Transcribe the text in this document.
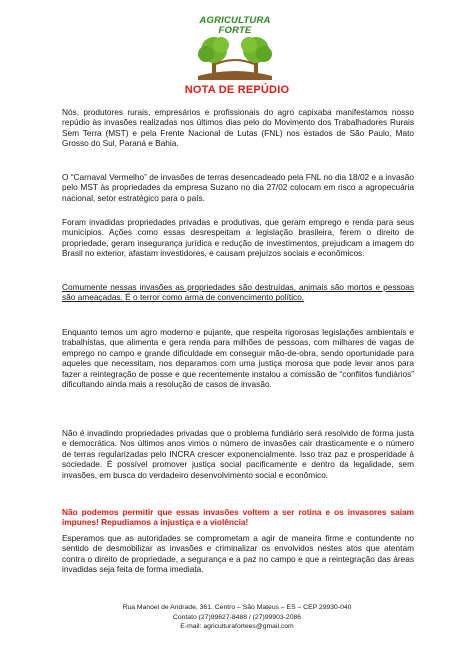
AGRICULTURA
FORTE
NOTA DE REPÚDIO

Nós, produtores rurais, empresários e profissionais do agro capixaba manifestamos nosso repúdio às invasões realizadas nos últimos dias pelo do Movimento dos Trabalhadores Rurais Sem Terra (MST) e pela Frente Nacional de Lutas (FNL) nos estados de São Paulo, Mato Grosso do Sul, Paraná e Bahia.

O “Carnaval Vermelho” de invasões de terras desencadeado pela FNL no dia 18/02 e a invasão pelo MST às propriedades da empresa Suzano no dia 27/02 colocam em risco a agropecuária nacional, setor estratégico para o país.

Foram invadidas propriedades privadas e produtivas, que geram emprego e renda para seus municípios. Ações como essas desrespeitam a legislação brasileira, ferem o direito de propriedade, geram insegurança jurídica e redução de investimentos, prejudicam a imagem do Brasil no exterior, afastam investidores, e causam prejuízos sociais e econômicos.

Comumente nessas invasões as propriedades são destruídas, animais são mortos e pessoas são ameaçadas. É o terror como arma de convencimento político.

Enquanto temos um agro moderno e pujante, que respeita rigorosas legislações ambientais e trabalhistas, que alimenta e gera renda para milhões de pessoas, com milhares de vagas de emprego no campo e grande dificuldade em conseguir mão-de-obra, sendo oportunidade para aqueles que necessitam, nos deparamos com uma justiça morosa que pode levar anos para fazer a reintegração de posse e que recentemente instalou a comissão de “conflitos fundiários” dificultando ainda mais a resolução de casos de invasão.

Não é invadindo propriedades privadas que o problema fundiário será resolvido de forma justa e democrática. Nos últimos anos vimos o número de invasões cair drasticamente e o número de terras regularizadas pelo INCRA crescer exponencialmente. Isso traz paz e prosperidade à sociedade. É possível promover justiça social pacificamente e dentro da legalidade, sem invasões, em busca do verdadeiro desenvolvimento social e econômico.

Não podemos permitir que essas invasões voltem a ser rotina e os invasores saiam impunes! Repudiamos a injustiça e a violência!

Esperamos que as autoridades se comprometam a agir de maneira firme e contundente no sentido de desmobilizar as invasões e criminalizar os envolvidos nestes atos que atentam contra o direito de propriedade, a segurança e a paz no campo e que a reintegração das áreas invadidas seja feita de forma imediata.

Rua Manoel de Andrade, 361. Centro – São Mateus – ES – CEP 29930-040
Contato (27)99627-8488 / (27)99903-2086
E-mail: agriculturafortees@gmail.com
